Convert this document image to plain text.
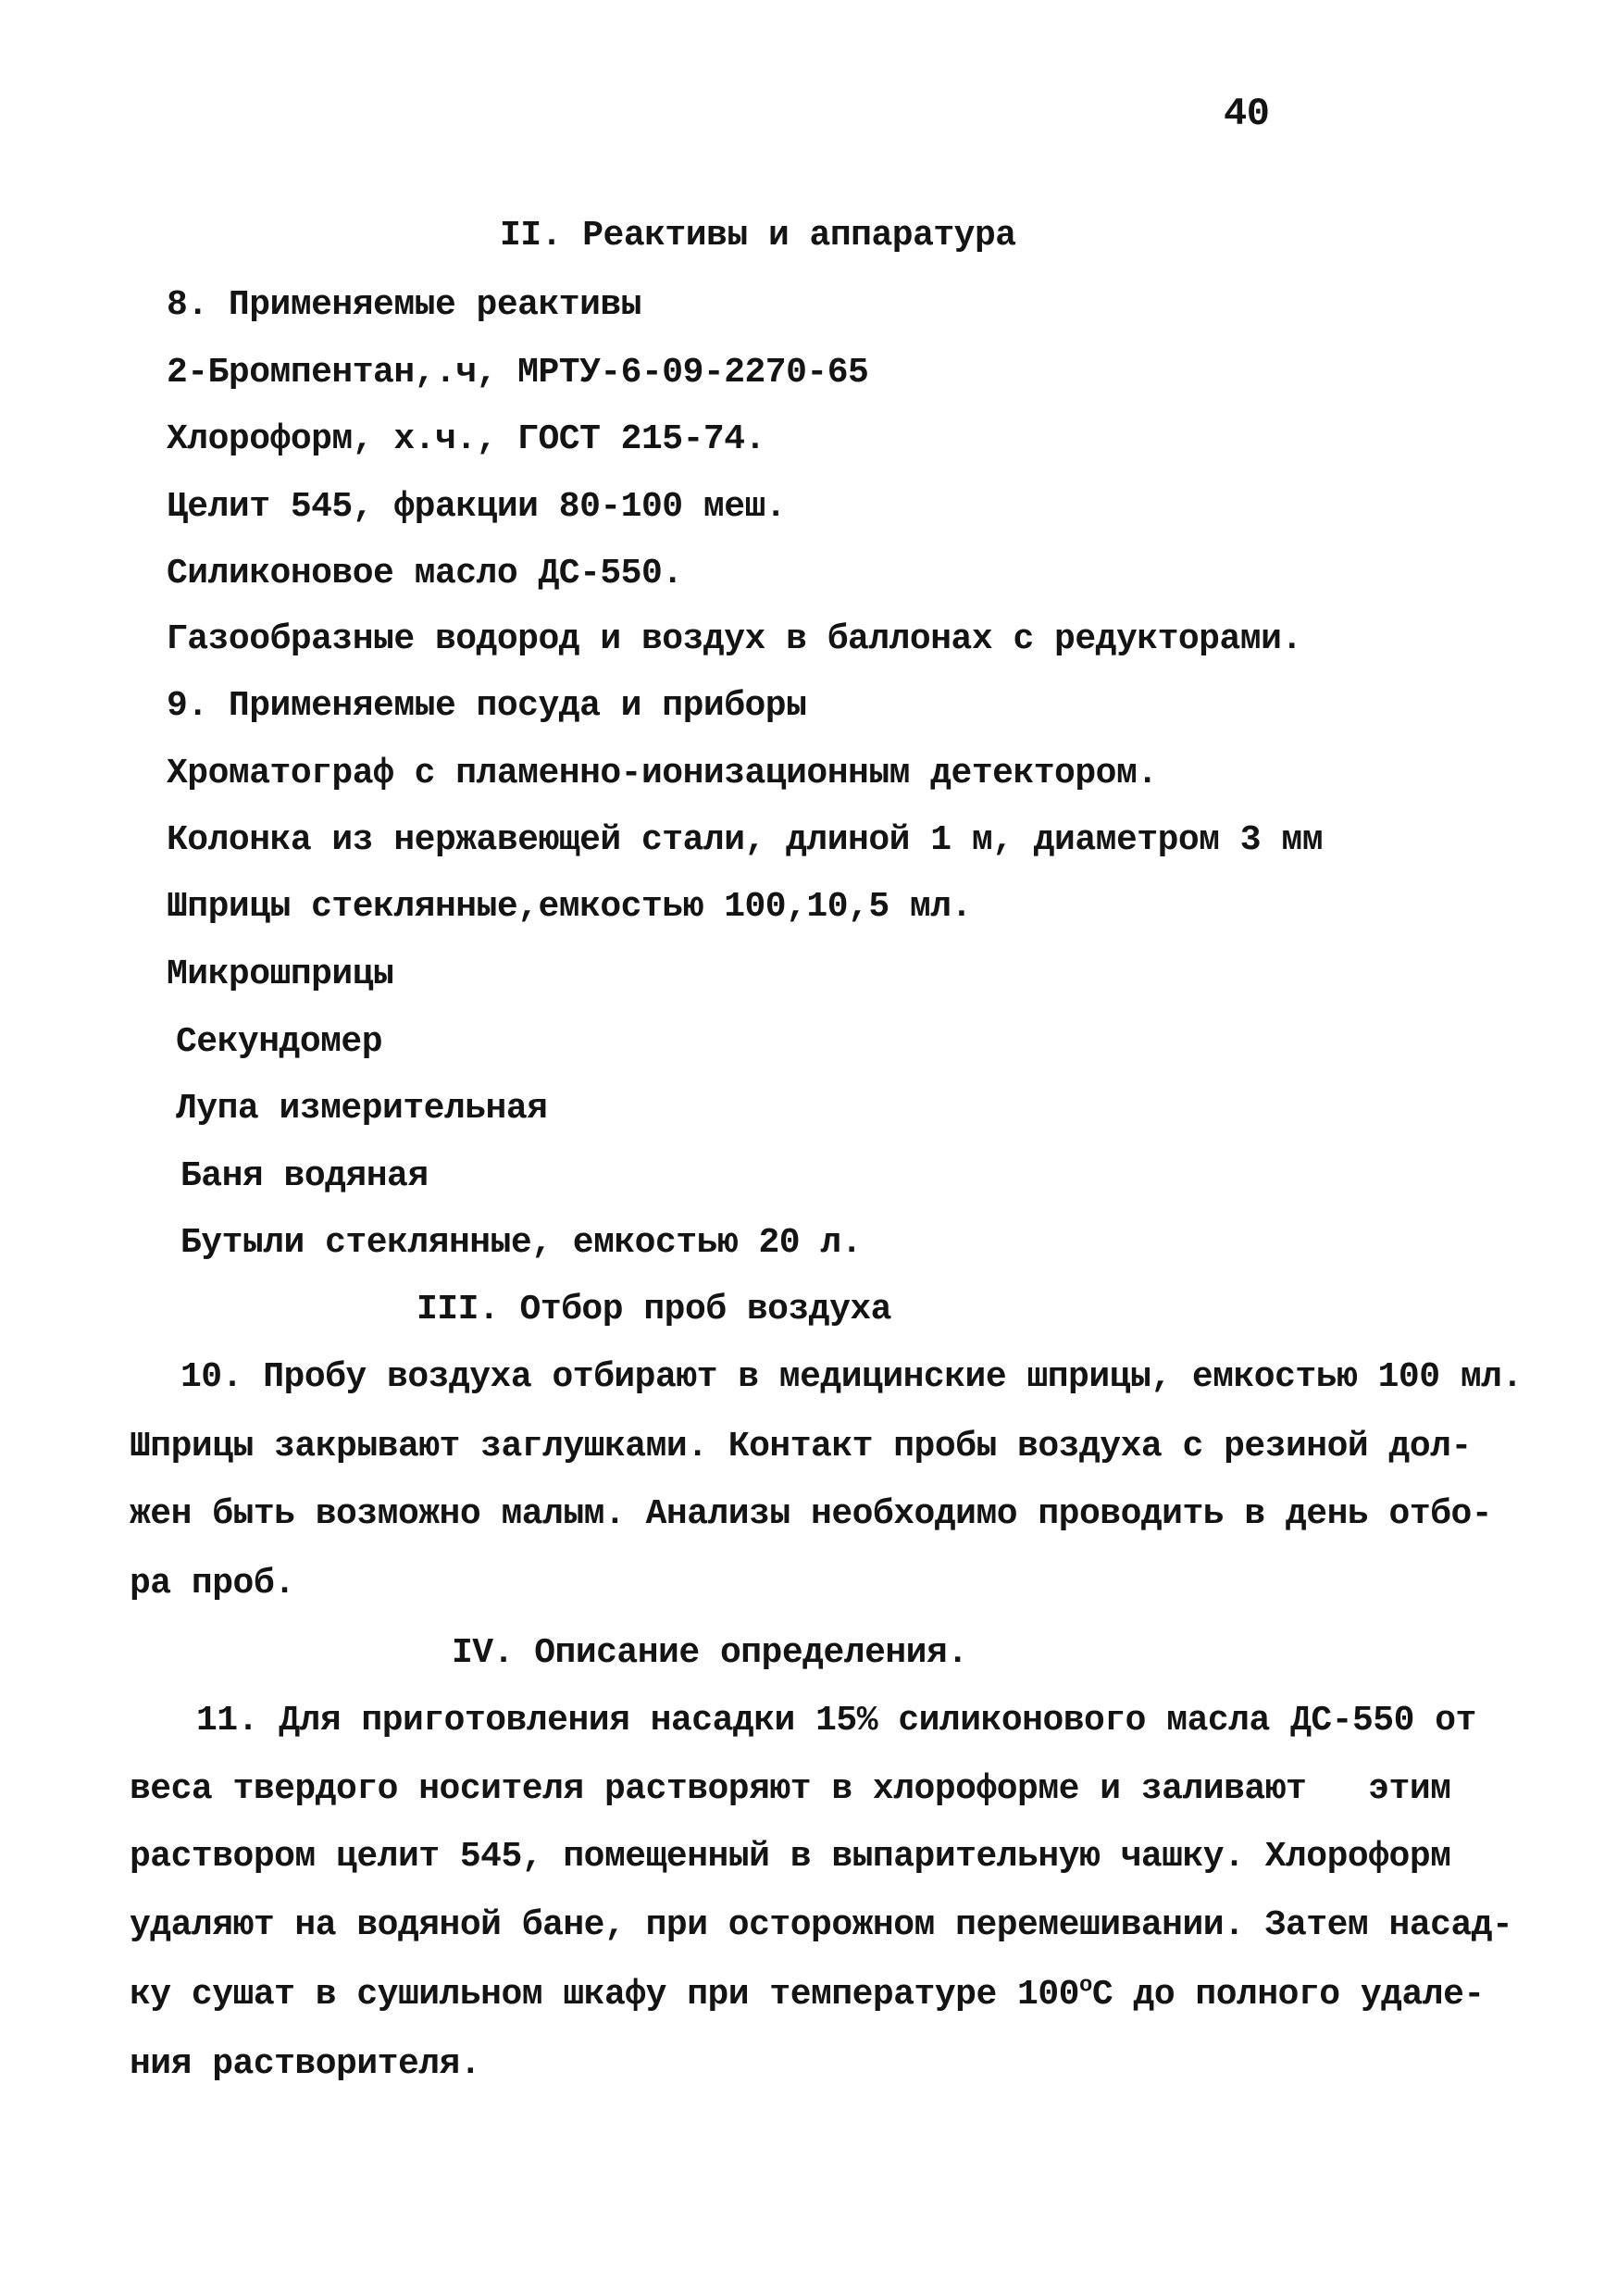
40
II. Реактивы и аппаратура
8. Применяемые реактивы
2-Бромпентан,.ч, МРТУ-6-09-2270-65
Хлороформ, х.ч., ГОСТ 215-74.
Целит 545, фракции 80-100 меш.
Силиконовое масло ДС-550.
Газообразные водород и воздух в баллонах с редукторами.
9. Применяемые посуда и приборы
Хроматограф с пламенно-ионизационным детектором.
Колонка из нержавеющей стали, длиной 1 м, диаметром 3 мм
Шприцы стеклянные,емкостью 100,10,5 мл.
Микрошприцы
Секундомер
Лупа измерительная
Баня водяная
Бутыли стеклянные, емкостью 20 л.
III. Отбор проб воздуха
10. Пробу воздуха отбирают в медицинские шприцы, емкостью 100 мл.
Шприцы закрывают заглушками. Контакт пробы воздуха с резиной дол-
жен быть возможно малым. Анализы необходимо проводить в день отбо-
ра проб.
IV. Описание определения.
11. Для приготовления насадки 15% силиконового масла ДС-550 от
веса твердого носителя растворяют в хлороформе и заливают   этим
раствором целит 545, помещенный в выпарительную чашку. Хлороформ
удаляют на водяной бане, при осторожном перемешивании. Затем насад-
ку сушат в сушильном шкафу при температуре 100$^o$C до полного удале-
ния растворителя.
